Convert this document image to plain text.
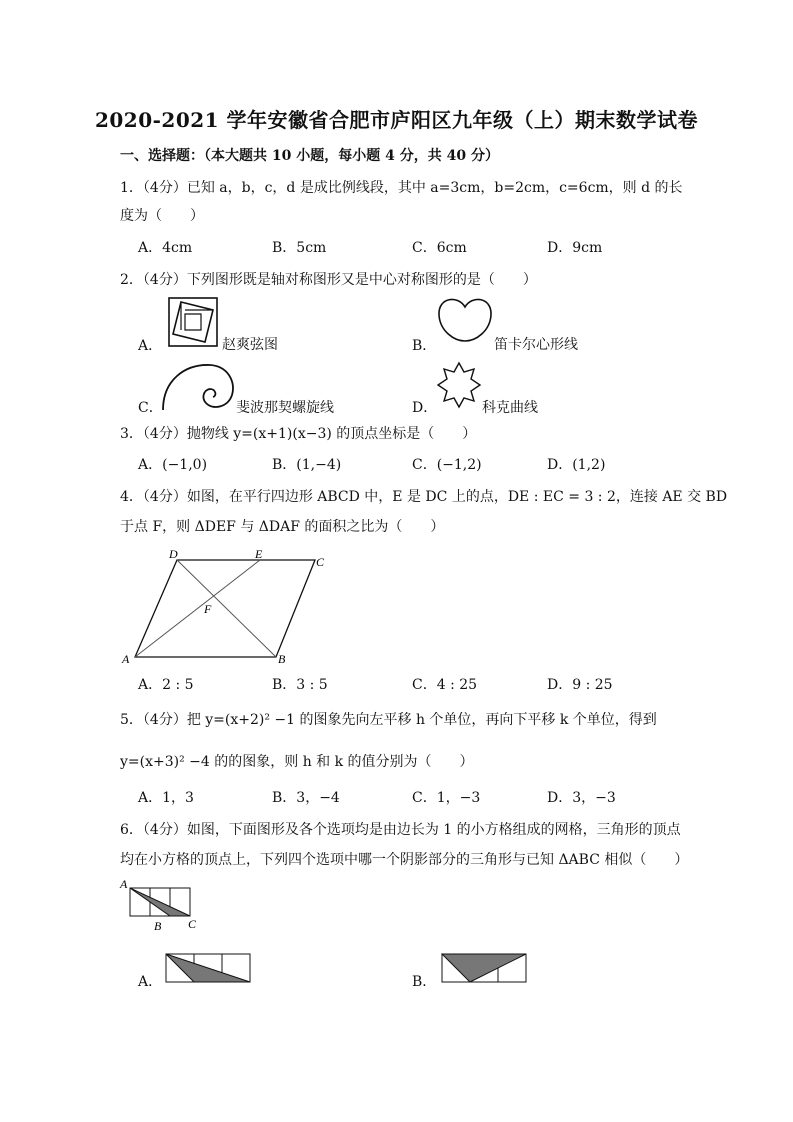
2020-2021 学年安徽省合肥市庐阳区九年级（上）期末数学试卷
一、选择题：（本大题共 10 小题，每小题 4 分，共 40 分）
1．（4分）已知 a，b，c，d 是成比例线段，其中 a=3cm，b=2cm，c=6cm，则 d 的长
度为（　　）
A．4cm	B．5cm	C．6cm	D．9cm
2．（4分）下列图形既是轴对称图形又是中心对称图形的是（　　）
A．	赵爽弦图	B．	笛卡尔心形线
C．	斐波那契螺旋线	D．	科克曲线
3．（4分）抛物线 y=(x+1)(x−3) 的顶点坐标是（　　）
A．(−1,0)	B．(1,−4)	C．(−1,2)	D．(1,2)
4．（4分）如图，在平行四边形 ABCD 中，E 是 DC 上的点，DE : EC = 3 : 2，连接 AE 交 BD
于点 F，则 ΔDEF 与 ΔDAF 的面积之比为（　　）
D	E
C
F
A	B
A．2 : 5	B．3 : 5	C．4 : 25	D．9 : 25
5．（4分）把 y=(x+2)² −1 的图象先向左平移 h 个单位，再向下平移 k 个单位，得到
y=(x+3)² −4 的的图象，则 h 和 k 的值分别为（　　）
A．1，3	B．3，−4	C．1，−3	D．3，−3
6．（4分）如图，下面图形及各个选项均是由边长为 1 的小方格组成的网格，三角形的顶点
均在小方格的顶点上，下列四个选项中哪一个阴影部分的三角形与已知 ΔABC 相似（　　）
A
B C
A．	B．
